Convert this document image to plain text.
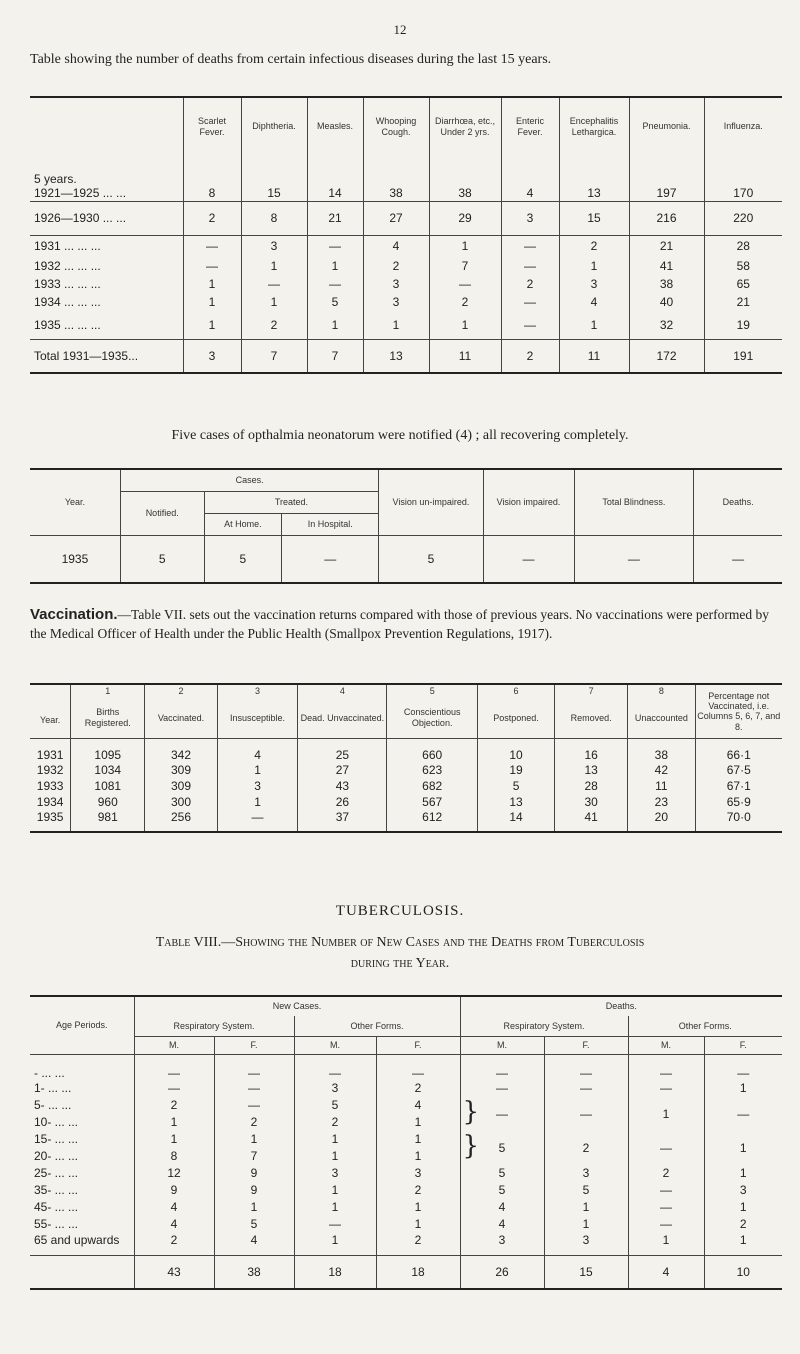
12
Table showing the number of deaths from certain infectious diseases during the last 15 years.
	Scarlet Fever.	Diphtheria.	Measles.	Whooping Cough.	Diarrhœa, etc., Under 2 yrs.	Enteric Fever.	Encephalitis Lethargica.	Pneumonia.	Influenza.

5 years.
1921—1925 ... ...	8	15	14	38	38	4	13	197	170
1926—1930 ... ...	2	8	21	27	29	3	15	216	220
1931 ... ... ...	—	3	—	4	1	—	2	21	28
1932 ... ... ...	—	1	1	2	7	—	1	41	58
1933 ... ... ...	1	—	—	3	—	2	3	38	65
1934 ... ... ...	1	1	5	3	2	—	4	40	21
1935 ... ... ...	1	2	1	1	1	—	1	32	19
Total 1931—1935...	3	7	7	13	11	2	11	172	191
Five cases of opthalmia neonatorum were notified (4) ; all recovering completely.
Year.	Cases.			Vision un-impaired.	Vision impaired.	Total Blindness.	Deaths.
	Notified.	Treated.					
		At Home.	In Hospital.				
1935	5	5	—	5	—	—	—

Vaccination.—Table VII. sets out the vaccination returns compared with those of previous years. No vaccinations were performed by the Medical Officer of Health under the Public Health (Smallpox Prevention Regulations, 1917).

Year.	1	2	3	4	5	6	7	8	Percentage not Vaccinated, i.e. Columns 5, 6, 7, and 8.
	Births Registered.	Vaccinated.	Insusceptible.	Dead. Unvaccinated.	Conscientious Objection.	Postponed.	Removed.	Unaccounted	
1931	1095	342	4	25	660	10	16	38	66·1
1932	1034	309	1	27	623	19	13	42	67·5
1933	1081	309	3	43	682	5	28	11	67·1
1934	960	300	1	26	567	13	30	23	65·9
1935	981	256	—	37	612	14	41	20	70·0
TUBERCULOSIS.
Table VIII.—Showing the Number of New Cases and the Deaths from Tuberculosis
during the Year.
Age Periods.	New Cases.				Deaths.			
	Respiratory System.		Other Forms.		Respiratory System.		Other Forms.	
	M.	F.	M.	F.	M.	F.	M.	F.
- ... ...	—	—	—	—	—	—	—	—
1- ... ...	—	—	3	2	—	—	—	1
5- ... ...	2	—	5	4	} —	—	1	—
10- ... ...	1	2	2	1				
15- ... ...	1	1	1	1	} 5	2	—	1
20- ... ...	8	7	1	1				
25- ... ...	12	9	3	3	5	3	2	1
35- ... ...	9	9	1	2	5	5	—	3
45- ... ...	4	1	1	1	4	1	—	1
55- ... ...	4	5	—	1	4	1	—	2
65 and upwards	2	4	1	2	3	3	1	1
	43	38	18	18	26	15	4	10
